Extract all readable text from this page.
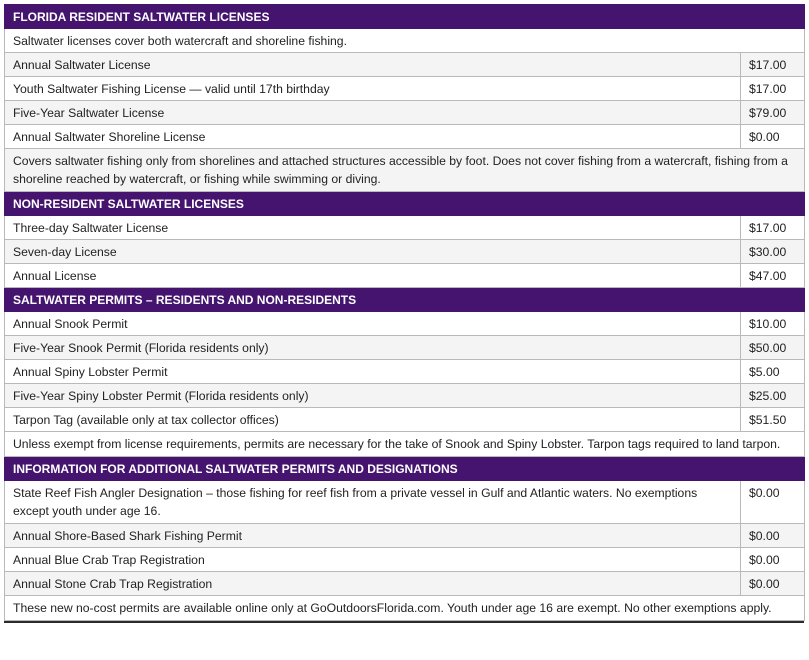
FLORIDA RESIDENT SALTWATER LICENSES	
Saltwater licenses cover both watercraft and shoreline fishing.	
Annual Saltwater License	$17.00
Youth Saltwater Fishing License — valid until 17th birthday	$17.00
Five-Year Saltwater License	$79.00
Annual Saltwater Shoreline License	$0.00
Covers saltwater fishing only from shorelines and attached structures accessible by foot. Does not cover fishing from a watercraft, fishing from a shoreline reached by watercraft, or fishing while swimming or diving.	
NON-RESIDENT SALTWATER LICENSES	
Three-day Saltwater License	$17.00
Seven-day License	$30.00
Annual License	$47.00
SALTWATER PERMITS – RESIDENTS AND NON-RESIDENTS	
Annual Snook Permit	$10.00
Five-Year Snook Permit (Florida residents only)	$50.00
Annual Spiny Lobster Permit	$5.00
Five-Year Spiny Lobster Permit (Florida residents only)	$25.00
Tarpon Tag (available only at tax collector offices)	$51.50
Unless exempt from license requirements, permits are necessary for the take of Snook and Spiny Lobster. Tarpon tags required to land tarpon.	
INFORMATION FOR ADDITIONAL SALTWATER PERMITS AND DESIGNATIONS	
State Reef Fish Angler Designation – those fishing for reef fish from a private vessel in Gulf and Atlantic waters. No exemptions except youth under age 16.	$0.00
Annual Shore-Based Shark Fishing Permit	$0.00
Annual Blue Crab Trap Registration	$0.00
Annual Stone Crab Trap Registration	$0.00
These new no-cost permits are available online only at GoOutdoorsFlorida.com. Youth under age 16 are exempt. No other exemptions apply.	
